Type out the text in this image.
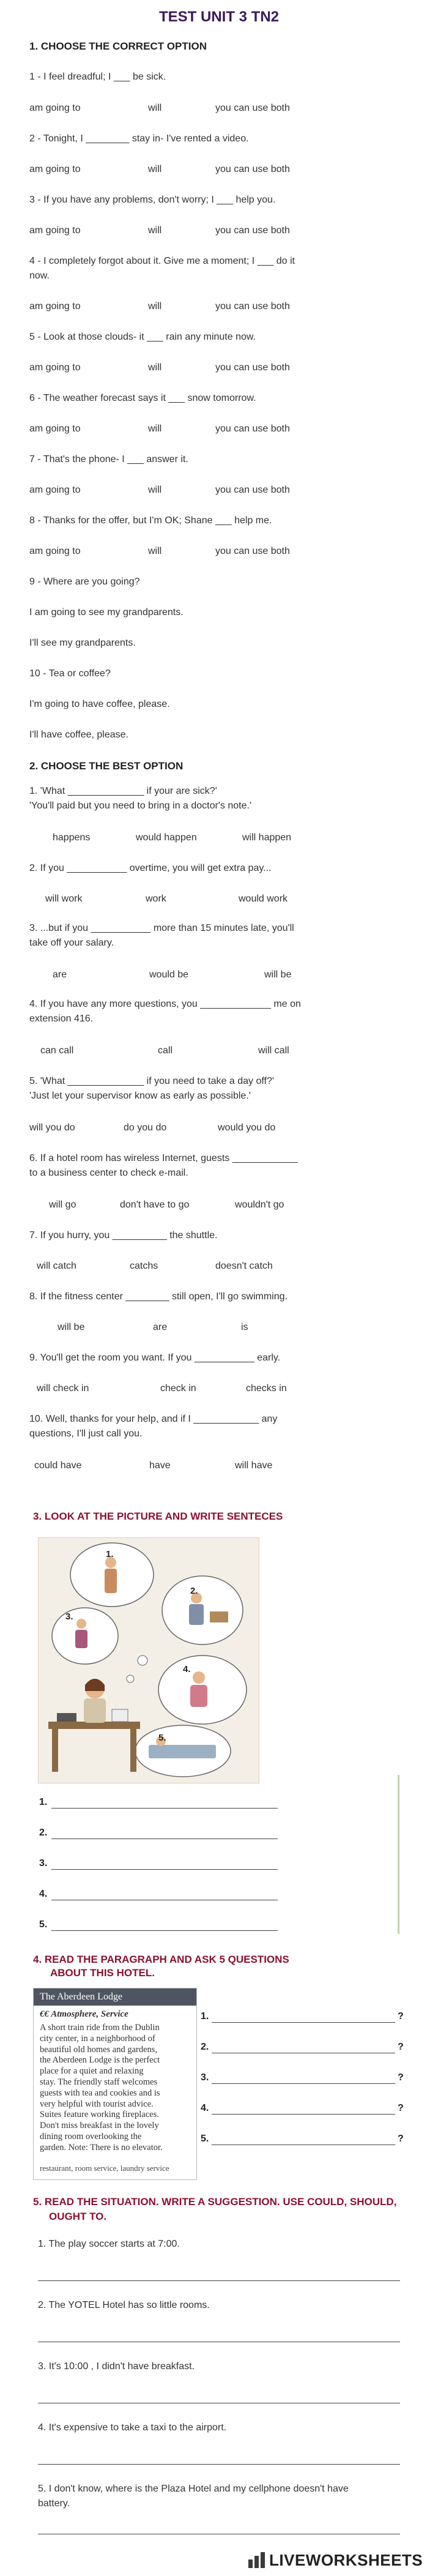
TEST UNIT 3 TN2
1. CHOOSE THE CORRECT OPTION
1 - I feel dreadful; I ___ be sick.
am going to	will	you can use both
2 - Tonight, I ________ stay in- I've rented a video.
am going to	will	you can use both
3 - If you have any problems, don't worry; I ___ help you.
am going to	will	you can use both
4 - I completely forgot about it. Give me a moment; I ___ do it
now.
am going to	will	you can use both
5 - Look at those clouds- it ___ rain any minute now.
am going to	will	you can use both
6 - The weather forecast says it ___ snow tomorrow.
am going to	will	you can use both
7 - That's the phone- I ___ answer it.
am going to	will	you can use both
8 - Thanks for the offer, but I'm OK; Shane ___ help me.
am going to	will	you can use both
9 - Where are you going?
I am going to see my grandparents.
I'll see my grandparents.
10 - Tea or coffee?
I'm going to have coffee, please.
I'll have coffee, please.
2. CHOOSE THE BEST OPTION
1. 'What ______________ if your are sick?'
'You'll paid but you need to bring in a doctor's note.'
happens	would happen	will happen
2. If you ___________ overtime, you will get extra pay...
will work	work	would work
3. ...but if you ___________ more than 15 minutes late, you'll
take off your salary.
are	would be	will be
4. If you have any more questions, you _____________ me on
extension 416.
can call	call	will call
5. 'What ______________ if you need to take a day off?'
'Just let your supervisor know as early as possible.'
will you do	do you do	would you do
6. If a hotel room has wireless Internet, guests ____________
to a business center to check e-mail.
will go	don't have to go	wouldn't go
7. If you hurry, you __________ the shuttle.
will catch	catchs	doesn't catch
8. If the fitness center ________ still open, I'll go swimming.
will be	are	is
9. You'll get the room you want. If you ___________ early.
will check in	check in	checks in
10. Well, thanks for your help, and if I ____________ any
questions, I'll just call you.
could have	have	will have
3. LOOK AT THE PICTURE AND WRITE SENTECES
1.
2.
3.
4.
5.
1.
2.
3.
4.
5.
4. READ THE PARAGRAPH AND ASK 5 QUESTIONS
ABOUT THIS HOTEL.
The Aberdeen Lodge
€€ Atmosphere, Service
A short train ride from the Dublin
city center, in a neighborhood of
beautiful old homes and gardens,
the Aberdeen Lodge is the perfect
place for a quiet and relaxing
stay. The friendly staff welcomes
guests with tea and cookies and is
very helpful with tourist advice.
Suites feature working fireplaces.
Don't miss breakfast in the lovely
dining room overlooking the
garden. Note: There is no elevator.
restaurant, room service, laundry service
1.	?
2.	?
3.	?
4.	?
5.	?
5. READ THE SITUATION. WRITE A SUGGESTION. USE COULD, SHOULD,
OUGHT TO.
1. The play soccer starts at 7:00.
2. The YOTEL Hotel has so little rooms.
3. It's 10:00 , I didn't have breakfast.
4. It's expensive to take a taxi to the airport.
5. I don't know, where is the Plaza Hotel and my cellphone doesn't have
battery.
LIVEWORKSHEETS
